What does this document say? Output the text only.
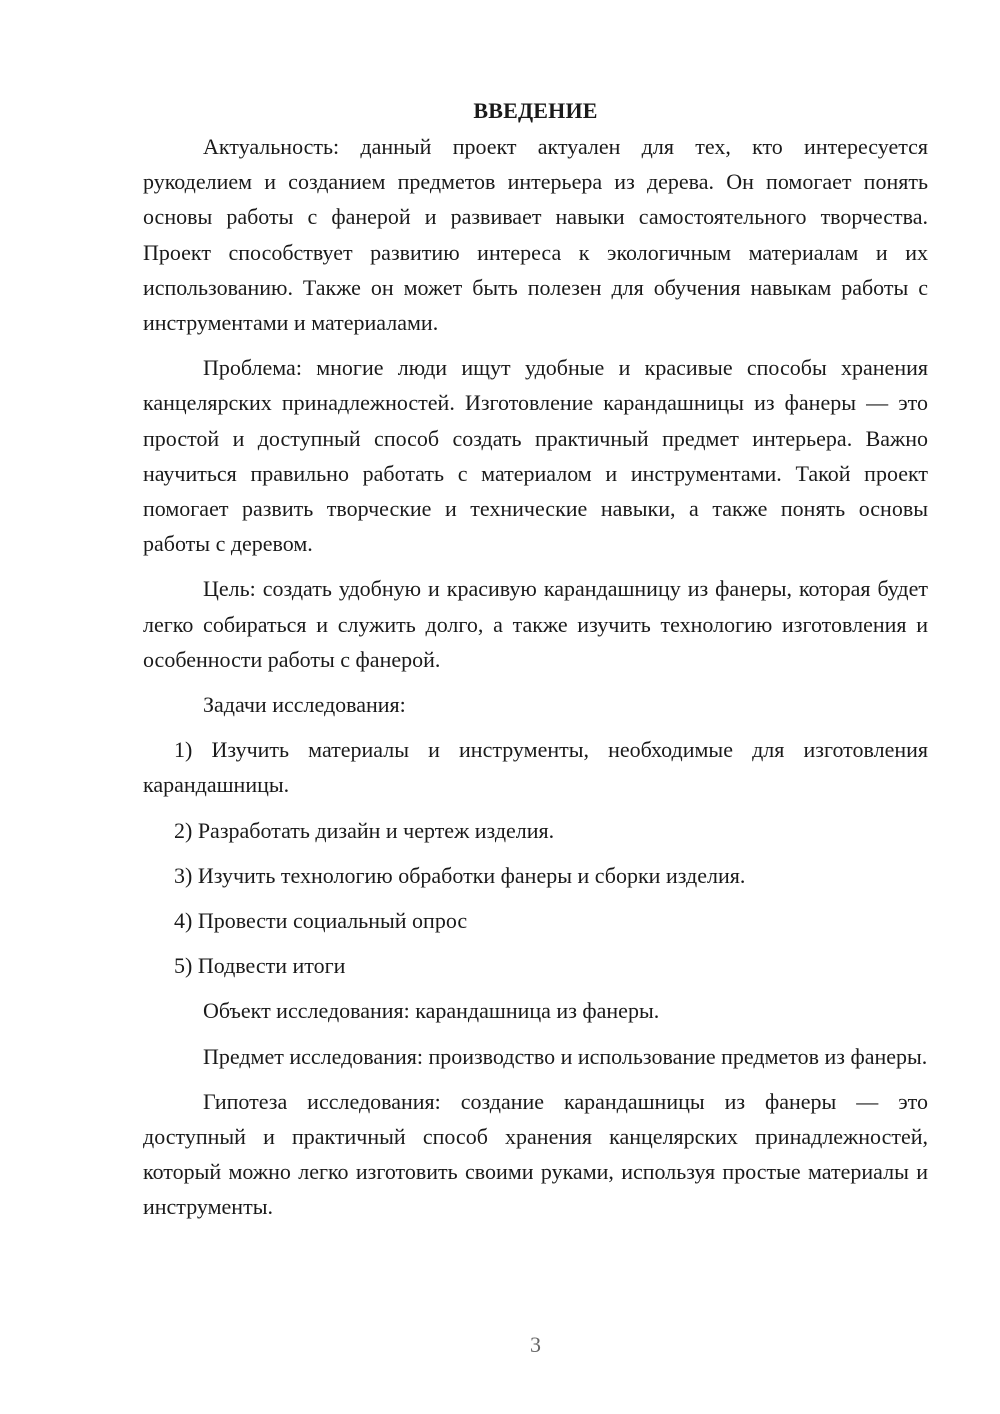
ВВЕДЕНИЕ

Актуальность: данный проект актуален для тех, кто интересуется рукоделием и созданием предметов интерьера из дерева. Он помогает понять основы работы с фанерой и развивает навыки самостоятельного творчества. Проект способствует развитию интереса к экологичным материалам и их использованию. Также он может быть полезен для обучения навыкам работы с инструментами и материалами.

Проблема: многие люди ищут удобные и красивые способы хранения канцелярских принадлежностей. Изготовление карандашницы из фанеры — это простой и доступный способ создать практичный предмет интерьера. Важно научиться правильно работать с материалом и инструментами. Такой проект помогает развить творческие и технические навыки, а также понять основы работы с деревом.

Цель: создать удобную и красивую карандашницу из фанеры, которая будет легко собираться и служить долго, а также изучить технологию изготовления и особенности работы с фанерой.

Задачи исследования:

1) Изучить материалы и инструменты, необходимые для изготовления карандашницы.

2) Разработать дизайн и чертеж изделия.

3) Изучить технологию обработки фанеры и сборки изделия.

4) Провести социальный опрос

5) Подвести итоги

Объект исследования: карандашница из фанеры.

Предмет исследования: производство и использование предметов из фанеры.

Гипотеза исследования: создание карандашницы из фанеры — это доступный и практичный способ хранения канцелярских принадлежностей, который можно легко изготовить своими руками, используя простые материалы и инструменты.

3
